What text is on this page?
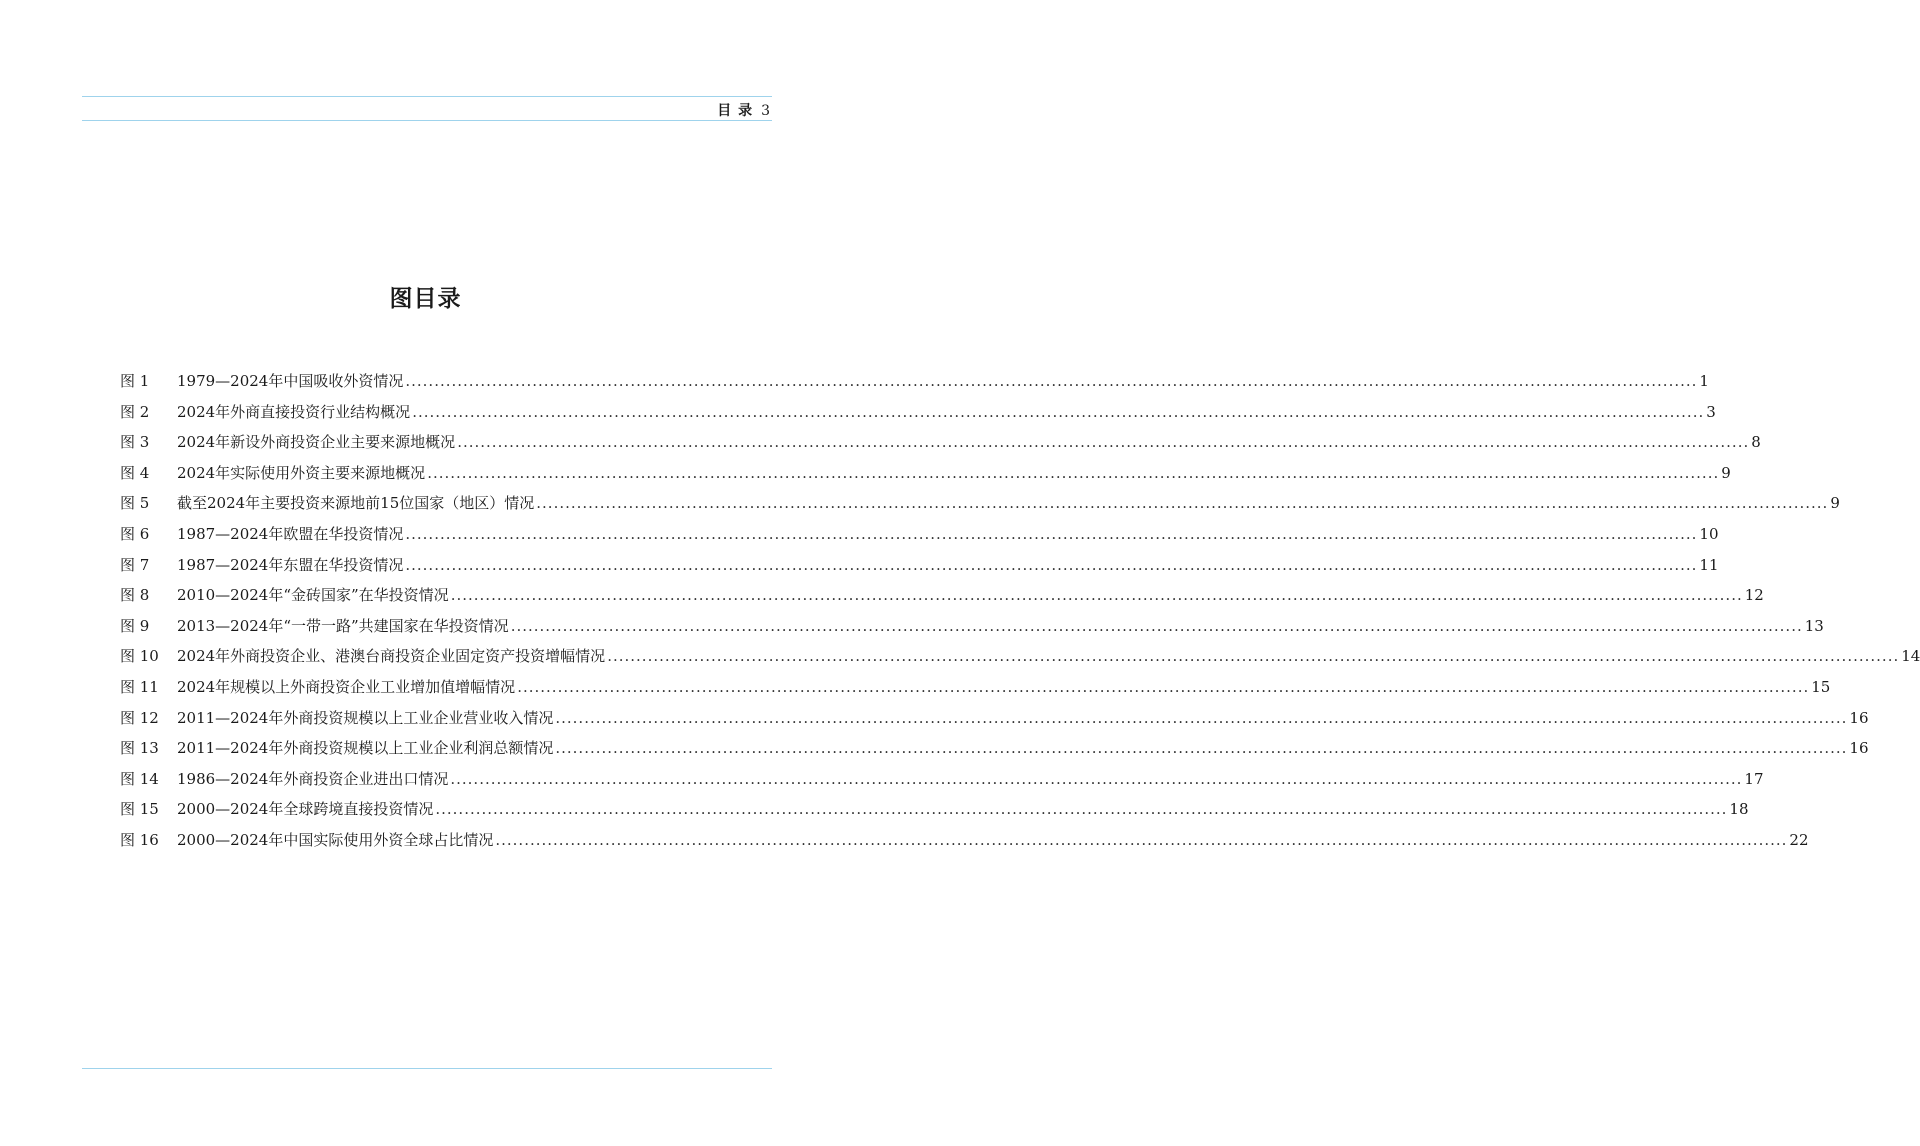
目 录 3
图目录
图 1	1979—2024年中国吸收外资情况 .....	1
图 2	2024年外商直接投资行业结构概况 .....	3
图 3	2024年新设外商投资企业主要来源地概况 .....	8
图 4	2024年实际使用外资主要来源地概况 .....	9
图 5	截至2024年主要投资来源地前15位国家（地区）情况 .....	9
图 6	1987—2024年欧盟在华投资情况 .....	10
图 7	1987—2024年东盟在华投资情况 .....	11
图 8	2010—2024年“金砖国家”在华投资情况 .....	12
图 9	2013—2024年“一带一路”共建国家在华投资情况 .....	13
图 10	2024年外商投资企业、港澳台商投资企业固定资产投资增幅情况 .....	14
图 11	2024年规模以上外商投资企业工业增加值增幅情况 .....	15
图 12	2011—2024年外商投资规模以上工业企业营业收入情况 .....	16
图 13	2011—2024年外商投资规模以上工业企业利润总额情况 .....	16
图 14	1986—2024年外商投资企业进出口情况 .....	17
图 15	2000—2024年全球跨境直接投资情况 .....	18
图 16	2000—2024年中国实际使用外资全球占比情况 .....	22
